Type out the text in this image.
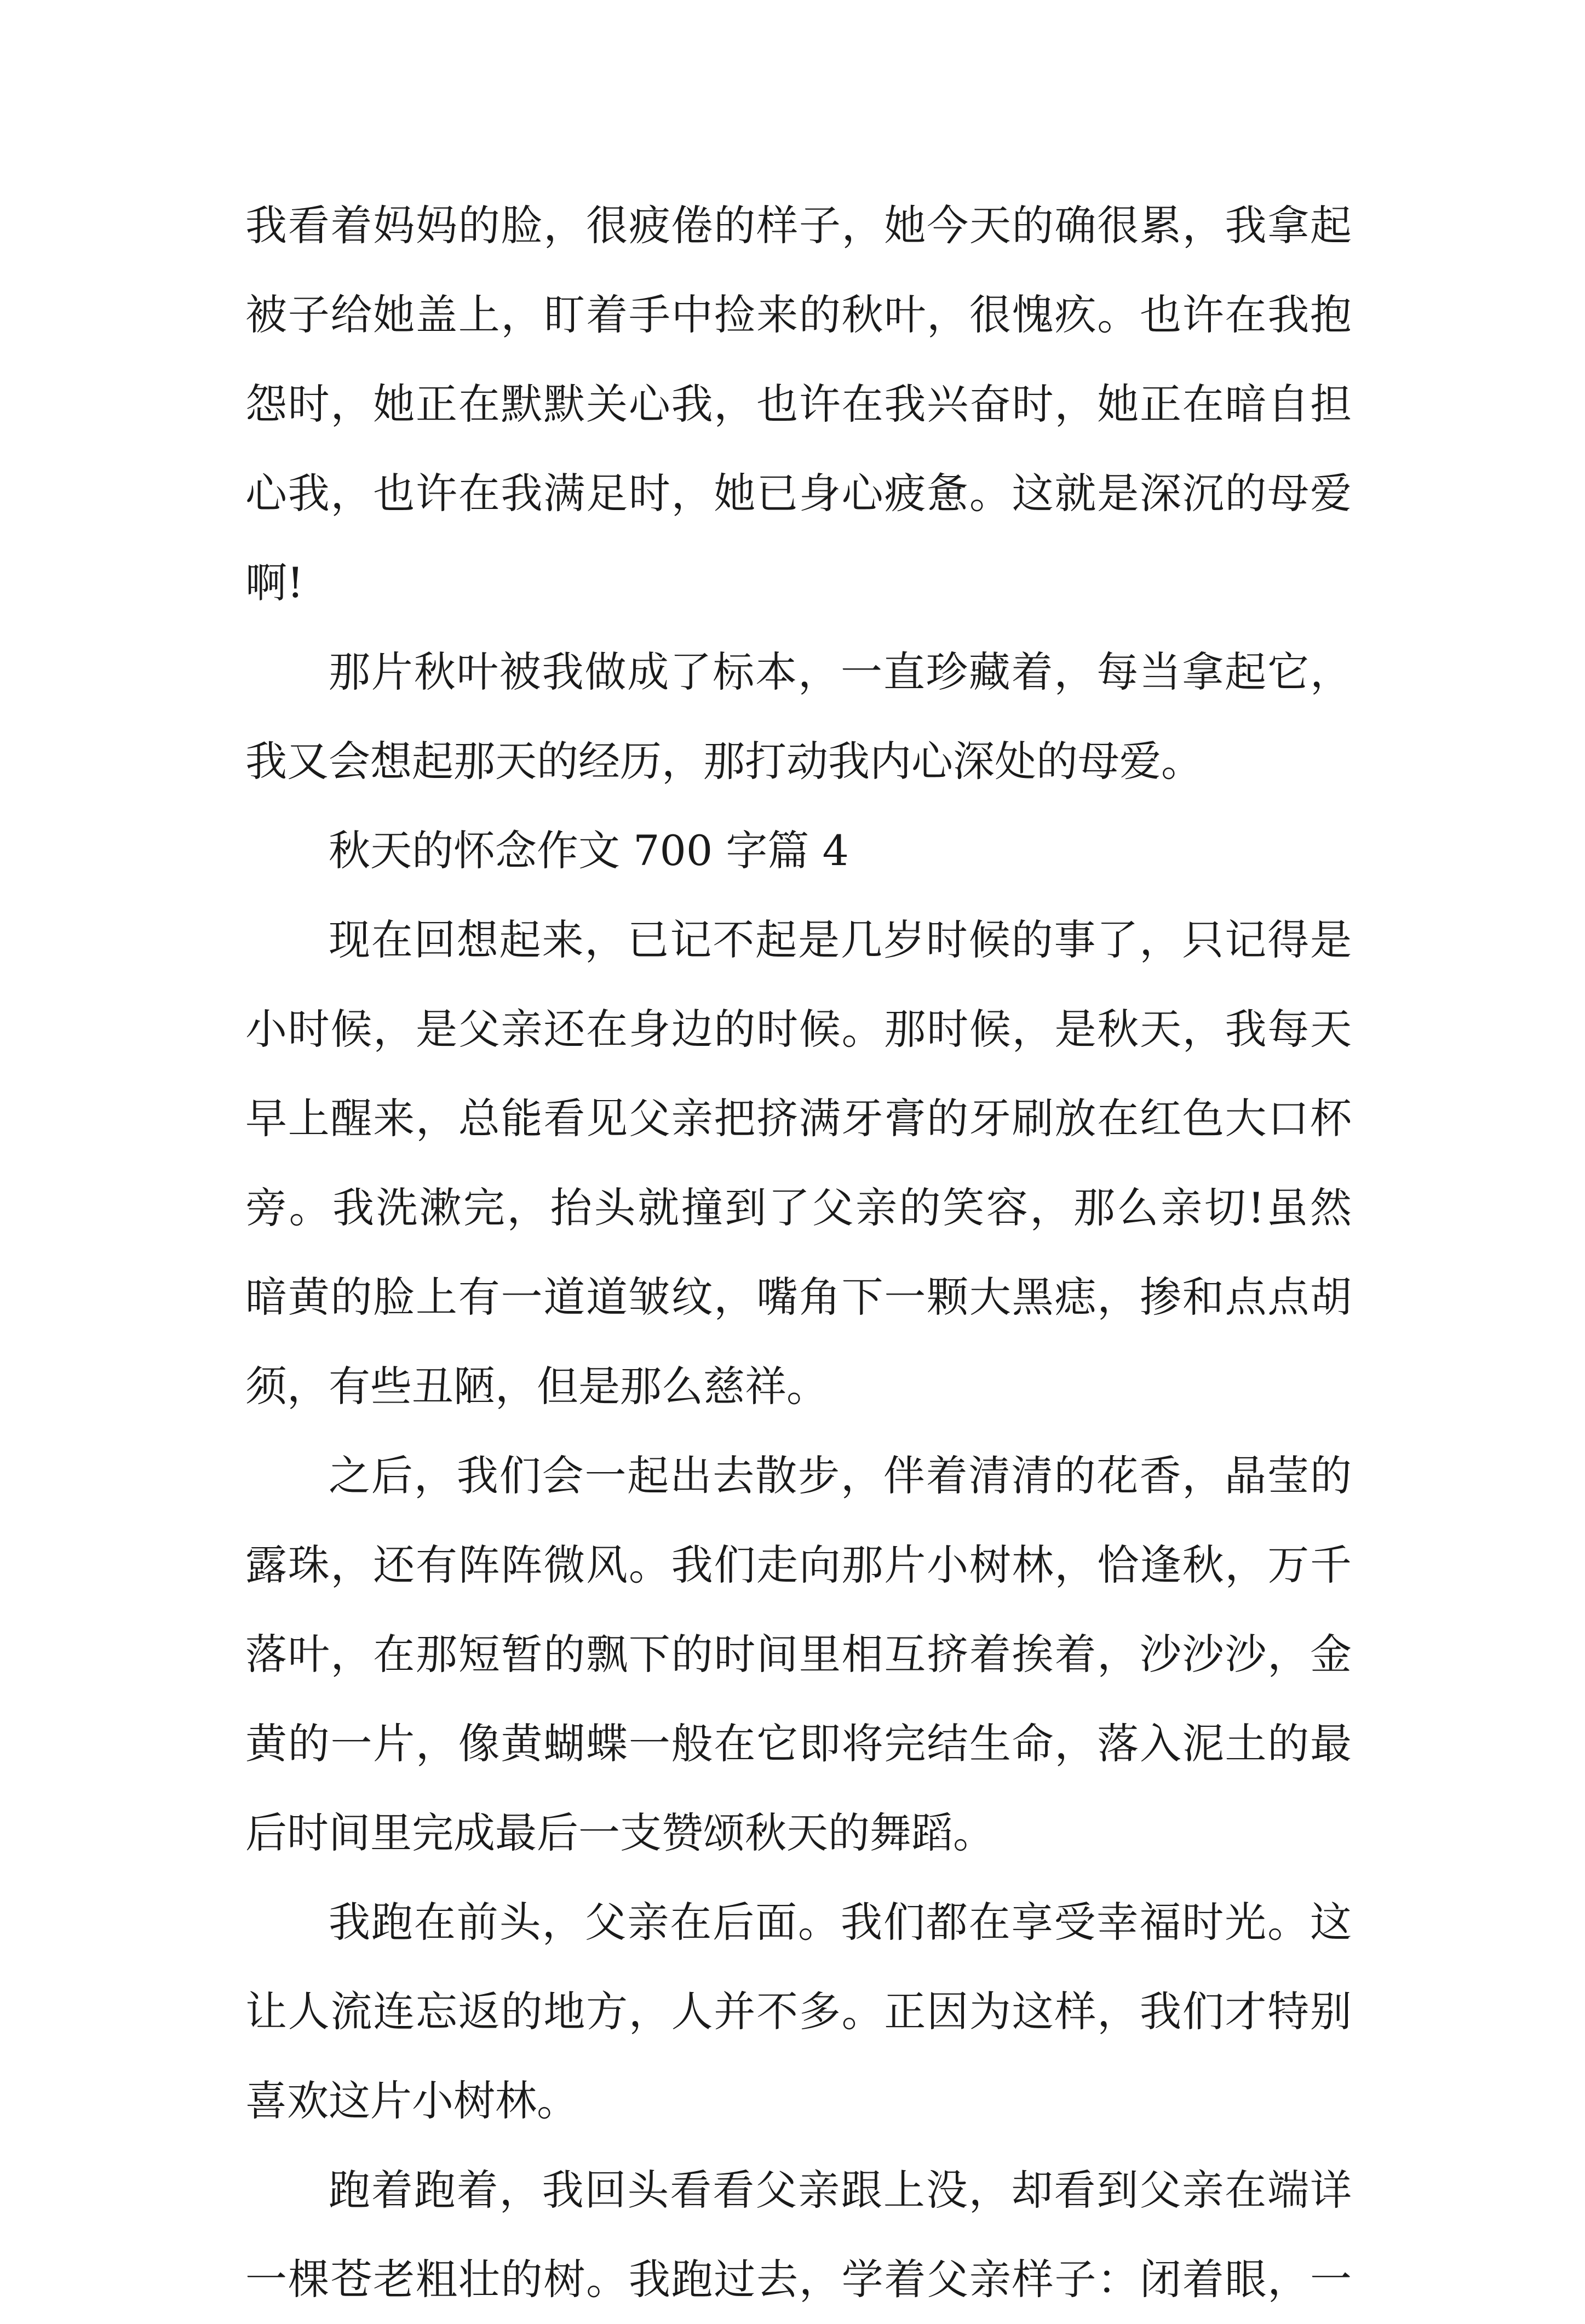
我看着妈妈的脸，很疲倦的样子，她今天的确很累，我拿起
被子给她盖上，盯着手中捡来的秋叶，很愧疚。也许在我抱
怨时，她正在默默关心我，也许在我兴奋时，她正在暗自担
心我，也许在我满足时，她已身心疲惫。这就是深沉的母爱
啊!
那片秋叶被我做成了标本，一直珍藏着，每当拿起它，
我又会想起那天的经历，那打动我内心深处的母爱。
秋天的怀念作文 700 字篇 4
现在回想起来，已记不起是几岁时候的事了，只记得是
小时候，是父亲还在身边的时候。那时候，是秋天，我每天
早上醒来，总能看见父亲把挤满牙膏的牙刷放在红色大口杯
旁。我洗漱完，抬头就撞到了父亲的笑容，那么亲切!虽然
暗黄的脸上有一道道皱纹，嘴角下一颗大黑痣，掺和点点胡
须，有些丑陋，但是那么慈祥。
之后，我们会一起出去散步，伴着清清的花香，晶莹的
露珠，还有阵阵微风。我们走向那片小树林，恰逢秋，万千
落叶，在那短暂的飘下的时间里相互挤着挨着，沙沙沙，金
黄的一片，像黄蝴蝶一般在它即将完结生命，落入泥土的最
后时间里完成最后一支赞颂秋天的舞蹈。
我跑在前头，父亲在后面。我们都在享受幸福时光。这
让人流连忘返的地方，人并不多。正因为这样，我们才特别
喜欢这片小树林。
跑着跑着，我回头看看父亲跟上没，却看到父亲在端详
一棵苍老粗壮的树。我跑过去，学着父亲样子：闭着眼，一
